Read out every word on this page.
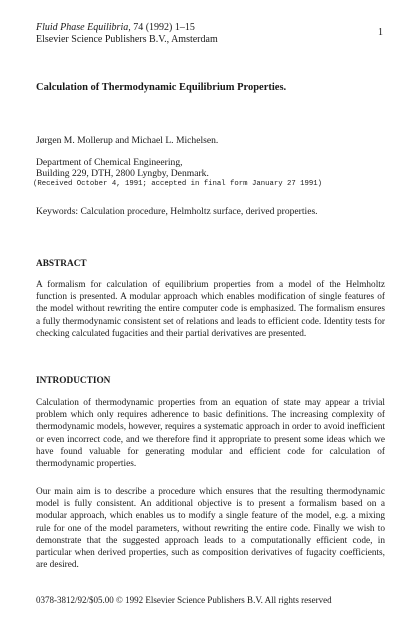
Fluid Phase Equilibria, 74 (1992) 1–15
Elsevier Science Publishers B.V., Amsterdam
1
Calculation of Thermodynamic Equilibrium Properties.
Jørgen M. Mollerup and Michael L. Michelsen.
Department of Chemical Engineering,
Building 229, DTH, 2800 Lyngby, Denmark.
(Received October 4, 1991; accepted in final form January 27 1991)
Keywords: Calculation procedure, Helmholtz surface, derived properties.
ABSTRACT

A formalism for calculation of equilibrium properties from a model of the Helmholtz function is presented. A modular approach which enables modification of single features of the model without rewriting the entire computer code is emphasized. The formalism ensures a fully thermodynamic consistent set of relations and leads to efficient code. Identity tests for checking calculated fugacities and their partial derivatives are presented.

INTRODUCTION

Calculation of thermodynamic properties from an equation of state may appear a trivial problem which only requires adherence to basic definitions. The increasing complexity of thermodynamic models, however, requires a systematic approach in order to avoid inefficient or even incorrect code, and we therefore find it appropriate to present some ideas which we have found valuable for generating modular and efficient code for calculation of thermodynamic properties.

Our main aim is to describe a procedure which ensures that the resulting thermodynamic model is fully consistent. An additional objective is to present a formalism based on a modular approach, which enables us to modify a single feature of the model, e.g. a mixing rule for one of the model parameters, without rewriting the entire code. Finally we wish to demonstrate that the suggested approach leads to a computationally efficient code, in particular when derived properties, such as composition derivatives of fugacity coefficients, are desired.

0378-3812/92/$05.00 © 1992 Elsevier Science Publishers B.V. All rights reserved
